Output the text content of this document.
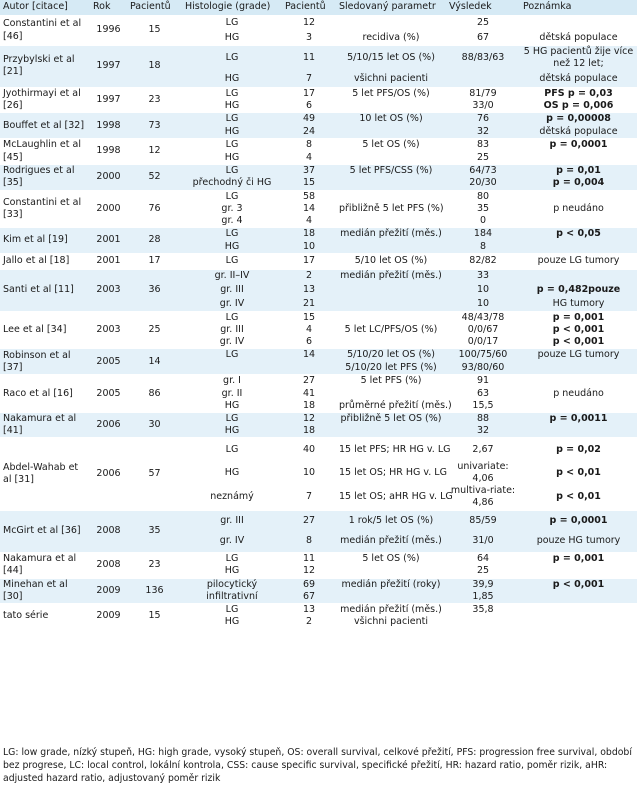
Autor [citace]	Rok	Pacientů	Histologie (grade)	Pacientů	Sledovaný parametr	Výsledek	Poznámka
Constantini et al [46]	1996	15	LG	12		25	
			HG	3	recidiva (%)	67	dětská populace
Przybylski et al [21]	1997	18	LG	11	5/10/15 let OS (%)	88/83/63	5 HG pacientů žije více než 12 let;
			HG	7	všichni pacienti		dětská populace
Jyothirmayi et al [26]	1997	23	LG	17	5 let PFS/OS (%)	81/79	PFS p = 0,03
			HG	6		33/0	OS p = 0,006
Bouffet et al [32]	1998	73	LG	49	10 let OS (%)	76	p = 0,00008
			HG	24		32	dětská populace
McLaughlin et al [45]	1998	12	LG	8	5 let OS (%)	83	p = 0,0001
			HG	4		25	
Rodrigues et al [35]	2000	52	LG	37	5 let PFS/CSS (%)	64/73	p = 0,01
			přechodný či HG	15		20/30	p = 0,004
Constantini et al [33]	2000	76	LG	58		80	
			gr. 3	14	přibližně 5 let PFS (%)	35	p neudáno
			gr. 4	4		0	
Kim et al [19]	2001	28	LG	18	medián přežití (měs.)	184	p < 0,05
			HG	10		8	
Jallo et al [18]	2001	17	LG	17	5/10 let OS (%)	82/82	pouze LG tumory
Santi et al [11]	2003	36	gr. II–IV	2	medián přežití (měs.)	33	
			gr. III	13		10	p = 0,482pouze
			gr. IV	21		10	HG tumory
Lee et al [34]	2003	25	LG	15		48/43/78	p = 0,001
			gr. III	4	5 let LC/PFS/OS (%)	0/0/67	p < 0,001
			gr. IV	6		0/0/17	p < 0,001
Robinson et al [37]	2005	14	LG	14	5/10/20 let OS (%)	100/75/60	pouze LG tumory
					5/10/20 let PFS (%)	93/80/60	
Raco et al [16]	2005	86	gr. I	27	5 let PFS (%)	91	
			gr. II	41		63	p neudáno
			HG	18	průměrné přežití (měs.)	15,5	
Nakamura et al [41]	2006	30	LG	12	přibližně 5 let OS (%)	88	p = 0,0011
			HG	18		32	
Abdel-Wahab et al [31]	2006	57	LG	40	15 let PFS; HR HG v. LG	2,67	p = 0,02
			HG	10	15 let OS; HR HG v. LG	univariate: 4,06	p < 0,01
			neznámý	7	15 let OS; aHR HG v. LG	multiva-riate: 4,86	p < 0,01
McGirt et al [36]	2008	35	gr. III	27	1 rok/5 let OS (%)	85/59	p = 0,0001
			gr. IV	8	medián přežití (měs.)	31/0	pouze HG tumory
Nakamura et al [44]	2008	23	LG	11	5 let OS (%)	64	p = 0,001
			HG	12		25	
Minehan et al [30]	2009	136	pilocytický	69	medián přežití (roky)	39,9	p < 0,001
			infiltrativní	67		1,85	
tato série	2009	15	LG	13	medián přežití (měs.)	35,8	
			HG	2	všichni pacienti		
LG: low grade, nízký stupeň, HG: high grade, vysoký stupeň, OS: overall survival, celkové přežití, PFS: progression free survival, období bez progrese, LC: local control, lokální kontrola, CSS: cause specific survival, specifické přežití, HR: hazard ratio, poměr rizik, aHR: adjusted hazard ratio, adjustovaný poměr rizik
